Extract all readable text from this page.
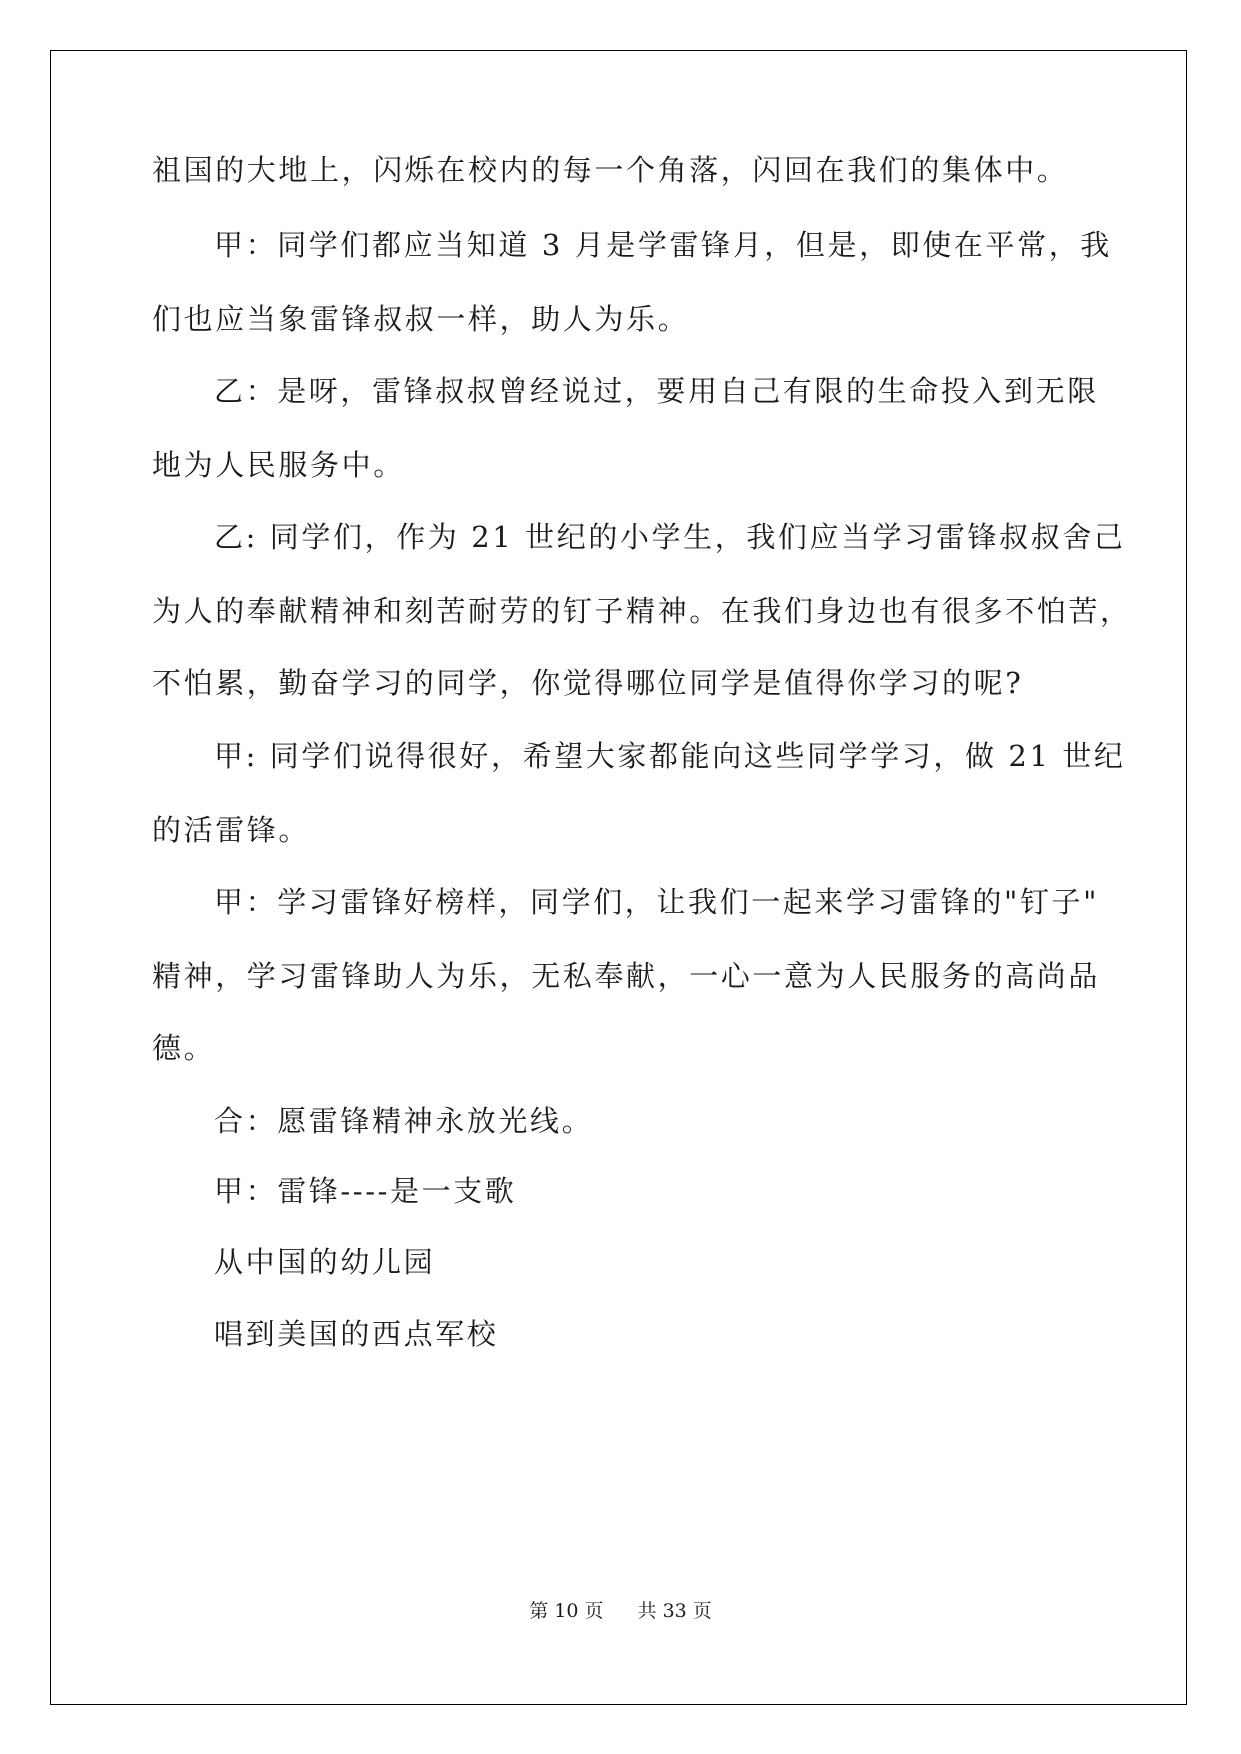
祖国的大地上，闪烁在校内的每一个角落，闪回在我们的集体中。
甲：同学们都应当知道 3 月是学雷锋月，但是，即使在平常，我
们也应当象雷锋叔叔一样，助人为乐。
乙：是呀，雷锋叔叔曾经说过，要用自己有限的生命投入到无限
地为人民服务中。
乙: 同学们，作为 21 世纪的小学生，我们应当学习雷锋叔叔舍己
为人的奉献精神和刻苦耐劳的钉子精神。在我们身边也有很多不怕苦，
不怕累，勤奋学习的同学，你觉得哪位同学是值得你学习的呢?
甲: 同学们说得很好，希望大家都能向这些同学学习，做 21 世纪
的活雷锋。
甲：学习雷锋好榜样，同学们，让我们一起来学习雷锋的"钉子"
精神，学习雷锋助人为乐，无私奉献，一心一意为人民服务的高尚品
德。
合：愿雷锋精神永放光线。
甲：雷锋----是一支歌
从中国的幼儿园
唱到美国的西点军校
第 10 页 共 33 页
